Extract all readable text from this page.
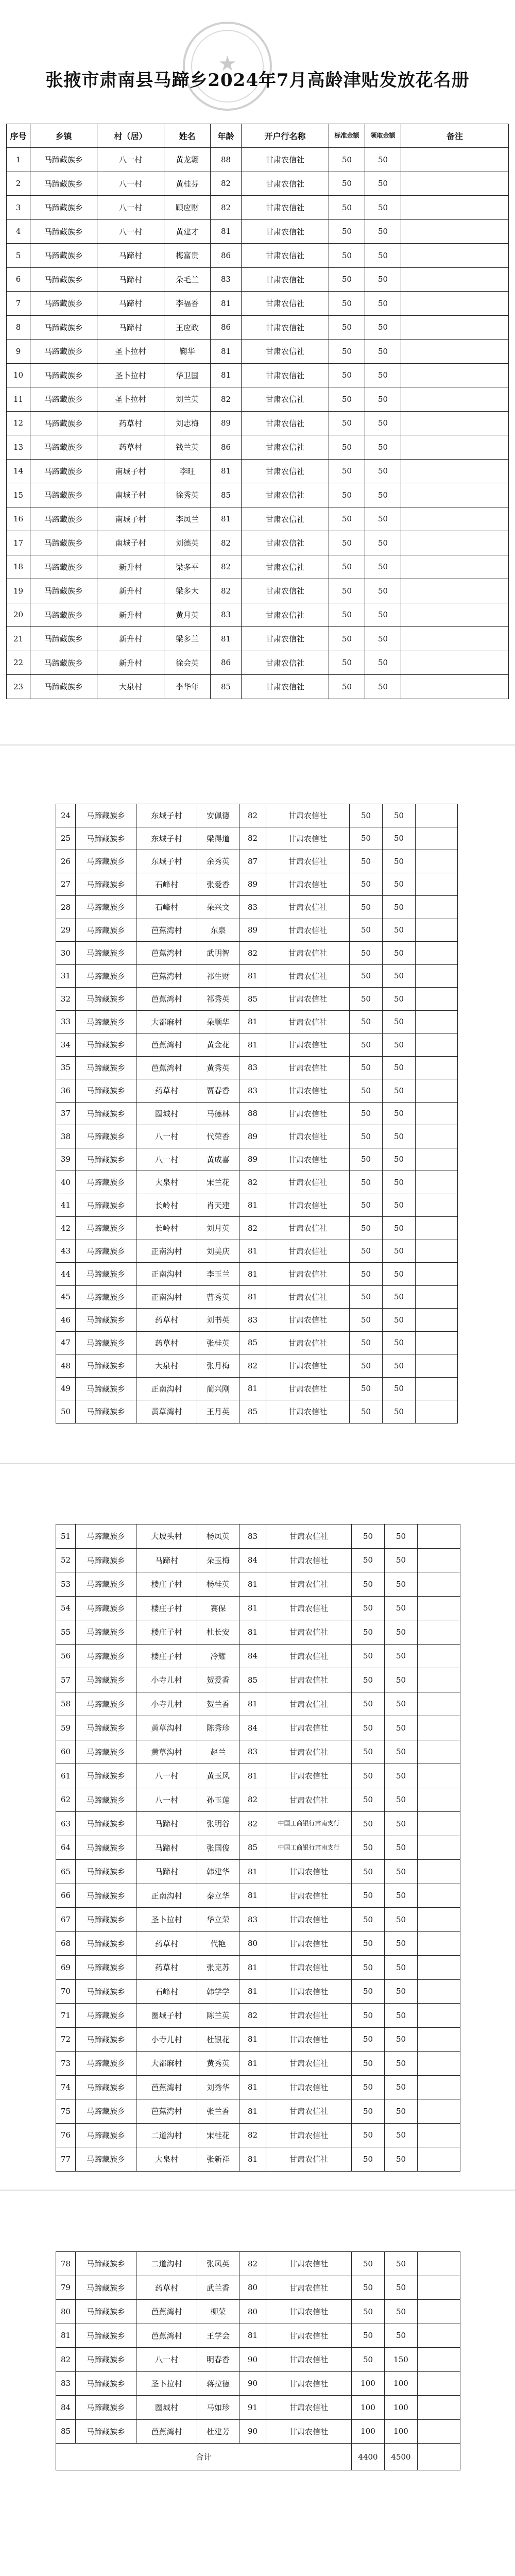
★
张掖市肃南县马蹄乡2024年7月高龄津贴发放花名册
序号	乡镇	村（居）	姓名	年龄	开户行名称	标准金额	领取金额	备注
1	马蹄藏族乡	八一村	黄龙翱	88	甘肃农信社	50	50	
2	马蹄藏族乡	八一村	黄桂芬	82	甘肃农信社	50	50	
3	马蹄藏族乡	八一村	顾应财	82	甘肃农信社	50	50	
4	马蹄藏族乡	八一村	黄建才	81	甘肃农信社	50	50	
5	马蹄藏族乡	马蹄村	梅富贵	86	甘肃农信社	50	50	
6	马蹄藏族乡	马蹄村	朵毛兰	83	甘肃农信社	50	50	
7	马蹄藏族乡	马蹄村	李福香	81	甘肃农信社	50	50	
8	马蹄藏族乡	马蹄村	王应政	86	甘肃农信社	50	50	
9	马蹄藏族乡	圣卜拉村	鞠华	81	甘肃农信社	50	50	
10	马蹄藏族乡	圣卜拉村	华卫国	81	甘肃农信社	50	50	
11	马蹄藏族乡	圣卜拉村	刘兰英	82	甘肃农信社	50	50	
12	马蹄藏族乡	药草村	刘志梅	89	甘肃农信社	50	50	
13	马蹄藏族乡	药草村	钱兰英	86	甘肃农信社	50	50	
14	马蹄藏族乡	南城子村	李旺	81	甘肃农信社	50	50	
15	马蹄藏族乡	南城子村	徐秀英	85	甘肃农信社	50	50	
16	马蹄藏族乡	南城子村	李凤兰	81	甘肃农信社	50	50	
17	马蹄藏族乡	南城子村	刘德英	82	甘肃农信社	50	50	
18	马蹄藏族乡	新升村	梁多平	82	甘肃农信社	50	50	
19	马蹄藏族乡	新升村	梁多大	82	甘肃农信社	50	50	
20	马蹄藏族乡	新升村	黄月英	83	甘肃农信社	50	50	
21	马蹄藏族乡	新升村	梁多兰	81	甘肃农信社	50	50	
22	马蹄藏族乡	新升村	徐会英	86	甘肃农信社	50	50	
23	马蹄藏族乡	大泉村	李华年	85	甘肃农信社	50	50	
24	马蹄藏族乡	东城子村	安佩德	82	甘肃农信社	50	50	
25	马蹄藏族乡	东城子村	梁得道	82	甘肃农信社	50	50	
26	马蹄藏族乡	东城子村	余秀英	87	甘肃农信社	50	50	
27	马蹄藏族乡	石峰村	张爱香	89	甘肃农信社	50	50	
28	马蹄藏族乡	石峰村	朵兴文	83	甘肃农信社	50	50	
29	马蹄藏族乡	芭蕉湾村	东泉	89	甘肃农信社	50	50	
30	马蹄藏族乡	芭蕉湾村	武明智	82	甘肃农信社	50	50	
31	马蹄藏族乡	芭蕉湾村	祁生财	81	甘肃农信社	50	50	
32	马蹄藏族乡	芭蕉湾村	祁秀英	85	甘肃农信社	50	50	
33	马蹄藏族乡	大都麻村	朵顺华	81	甘肃农信社	50	50	
34	马蹄藏族乡	芭蕉湾村	黄金花	81	甘肃农信社	50	50	
35	马蹄藏族乡	芭蕉湾村	黄秀英	83	甘肃农信社	50	50	
36	马蹄藏族乡	药草村	贾春香	83	甘肃农信社	50	50	
37	马蹄藏族乡	圈城村	马德林	88	甘肃农信社	50	50	
38	马蹄藏族乡	八一村	代荣香	89	甘肃农信社	50	50	
39	马蹄藏族乡	八一村	黄成喜	89	甘肃农信社	50	50	
40	马蹄藏族乡	大泉村	宋兰花	82	甘肃农信社	50	50	
41	马蹄藏族乡	长岭村	肖天建	81	甘肃农信社	50	50	
42	马蹄藏族乡	长岭村	刘月英	82	甘肃农信社	50	50	
43	马蹄藏族乡	正南沟村	刘美庆	81	甘肃农信社	50	50	
44	马蹄藏族乡	正南沟村	李玉兰	81	甘肃农信社	50	50	
45	马蹄藏族乡	正南沟村	曹秀英	81	甘肃农信社	50	50	
46	马蹄藏族乡	药草村	刘书英	83	甘肃农信社	50	50	
47	马蹄藏族乡	药草村	张桂英	85	甘肃农信社	50	50	
48	马蹄藏族乡	大泉村	张月梅	82	甘肃农信社	50	50	
49	马蹄藏族乡	正南沟村	蔺兴刚	81	甘肃农信社	50	50	
50	马蹄藏族乡	黄草湾村	王月英	85	甘肃农信社	50	50	
51	马蹄藏族乡	大坡头村	杨凤英	83	甘肃农信社	50	50	
52	马蹄藏族乡	马蹄村	朵玉梅	84	甘肃农信社	50	50	
53	马蹄藏族乡	楼庄子村	杨桂英	81	甘肃农信社	50	50	
54	马蹄藏族乡	楼庄子村	赛保	81	甘肃农信社	50	50	
55	马蹄藏族乡	楼庄子村	杜长安	81	甘肃农信社	50	50	
56	马蹄藏族乡	楼庄子村	冷耀	84	甘肃农信社	50	50	
57	马蹄藏族乡	小寺儿村	贺爱香	85	甘肃农信社	50	50	
58	马蹄藏族乡	小寺儿村	贺兰香	81	甘肃农信社	50	50	
59	马蹄藏族乡	黄草沟村	陈秀珍	84	甘肃农信社	50	50	
60	马蹄藏族乡	黄草沟村	赵兰	83	甘肃农信社	50	50	
61	马蹄藏族乡	八一村	黄玉风	81	甘肃农信社	50	50	
62	马蹄藏族乡	八一村	孙玉莲	82	甘肃农信社	50	50	
63	马蹄藏族乡	马蹄村	张明谷	82	中国工商银行肃南支行	50	50	
64	马蹄藏族乡	马蹄村	张国俊	85	中国工商银行肃南支行	50	50	
65	马蹄藏族乡	马蹄村	韩建华	81	甘肃农信社	50	50	
66	马蹄藏族乡	正南沟村	秦立华	81	甘肃农信社	50	50	
67	马蹄藏族乡	圣卜拉村	华立荣	83	甘肃农信社	50	50	
68	马蹄藏族乡	药草村	代艳	80	甘肃农信社	50	50	
69	马蹄藏族乡	药草村	张克苏	81	甘肃农信社	50	50	
70	马蹄藏族乡	石峰村	韩学学	81	甘肃农信社	50	50	
71	马蹄藏族乡	圈城子村	陈兰英	82	甘肃农信社	50	50	
72	马蹄藏族乡	小寺儿村	杜银花	81	甘肃农信社	50	50	
73	马蹄藏族乡	大都麻村	黄秀英	81	甘肃农信社	50	50	
74	马蹄藏族乡	芭蕉湾村	刘秀华	81	甘肃农信社	50	50	
75	马蹄藏族乡	芭蕉湾村	张兰香	81	甘肃农信社	50	50	
76	马蹄藏族乡	二道沟村	宋桂花	82	甘肃农信社	50	50	
77	马蹄藏族乡	大泉村	张新祥	81	甘肃农信社	50	50	
78	马蹄藏族乡	二道沟村	张凤英	82	甘肃农信社	50	50	
79	马蹄藏族乡	药草村	武兰香	80	甘肃农信社	50	50	
80	马蹄藏族乡	芭蕉湾村	柳荣	80	甘肃农信社	50	50	
81	马蹄藏族乡	芭蕉湾村	王学会	81	甘肃农信社	50	50	
82	马蹄藏族乡	八一村	明春香	90	甘肃农信社	50	150	
83	马蹄藏族乡	圣卜拉村	蒋拉德	90	甘肃农信社	100	100	
84	马蹄藏族乡	圈城村	马如珍	91	甘肃农信社	100	100	
85	马蹄藏族乡	芭蕉湾村	杜建芳	90	甘肃农信社	100	100	
合计						4400	4500	
